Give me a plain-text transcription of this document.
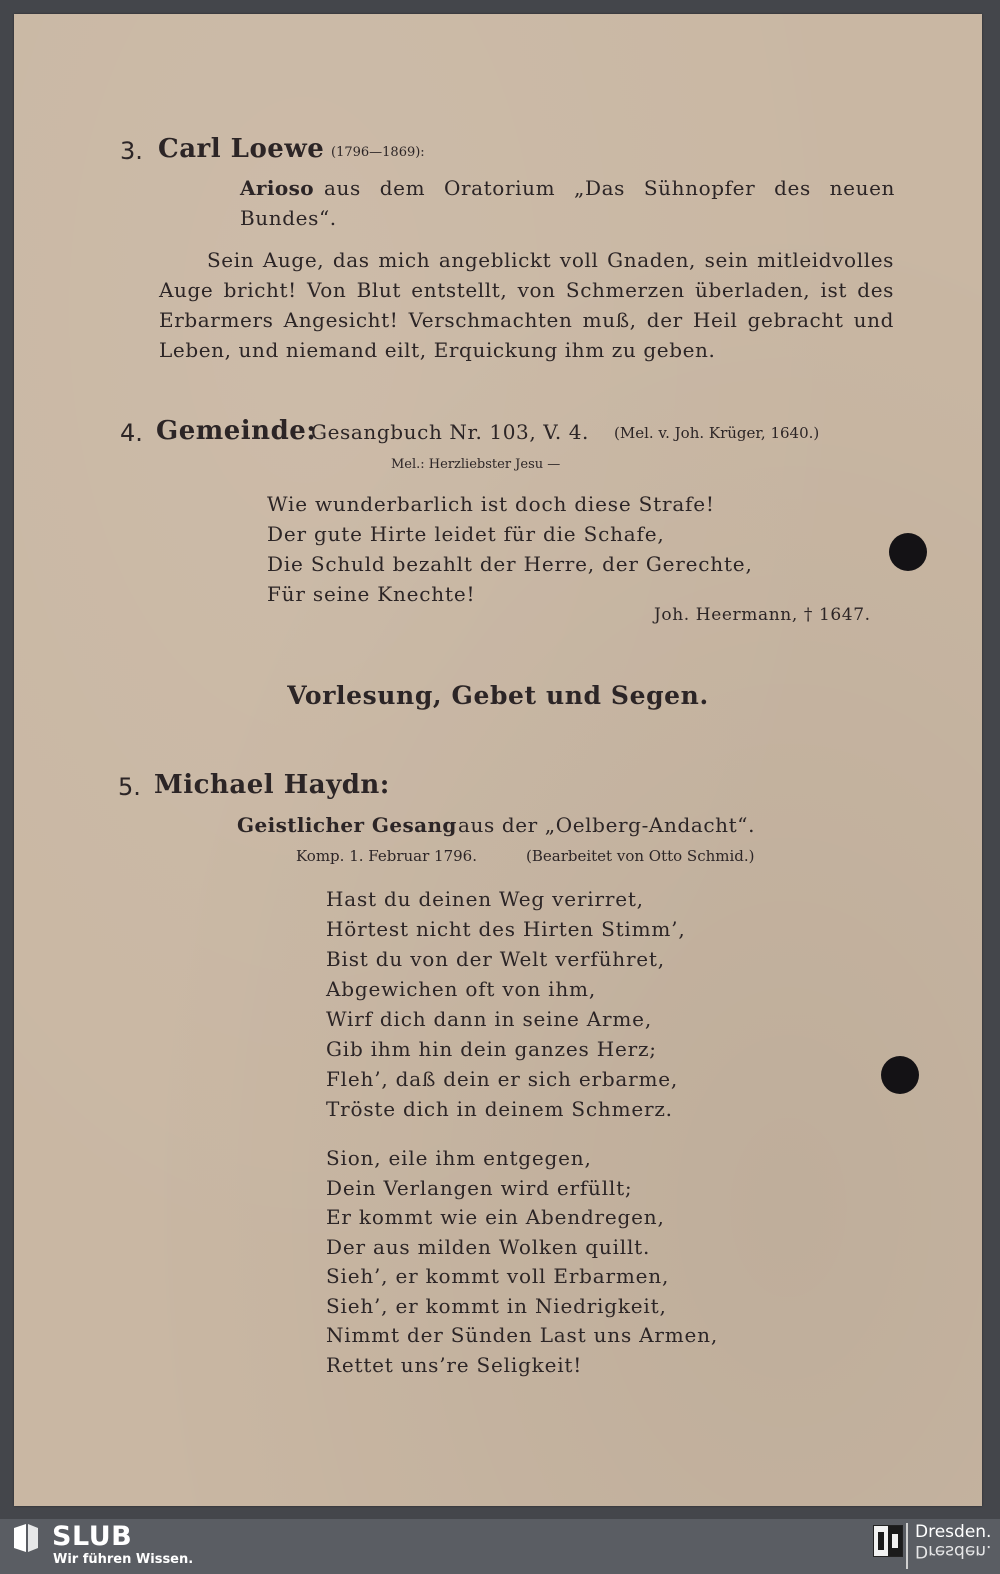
3. Carl Loewe (1796—1869):
Arioso aus dem Oratorium „Das Sühnopfer des neuen
Bundes“.

Sein Auge, das mich angeblickt voll Gnaden, sein mitleidvolles Auge bricht! Von Blut entstellt, von Schmerzen überladen, ist des Erbarmers Angesicht! Verschmachten muß, der Heil gebracht und Leben, und niemand eilt, Erquickung ihm zu geben.

4. Gemeinde:
Gesangbuch Nr. 103, V. 4. (Mel. v. Joh. Krüger, 1640.)
Mel.: Herzliebster Jesu —
Wie wunderbarlich ist doch diese Strafe!
Der gute Hirte leidet für die Schafe,
Die Schuld bezahlt der Herre, der Gerechte,
Für seine Knechte!
Joh. Heermann, † 1647.
Vorlesung, Gebet und Segen.
5. Michael Haydn:
Geistlicher Gesang aus der „Oelberg-Andacht“.
Komp. 1. Februar 1796.	(Bearbeitet von Otto Schmid.)
Hast du deinen Weg verirret,
Hörtest nicht des Hirten Stimm’,
Bist du von der Welt verführet,
Abgewichen oft von ihm,
Wirf dich dann in seine Arme,
Gib ihm hin dein ganzes Herz;
Fleh’, daß dein er sich erbarme,
Tröste dich in deinem Schmerz.
Sion, eile ihm entgegen,
Dein Verlangen wird erfüllt;
Er kommt wie ein Abendregen,
Der aus milden Wolken quillt.
Sieh’, er kommt voll Erbarmen,
Sieh’, er kommt in Niedrigkeit,
Nimmt der Sünden Last uns Armen,
Rettet uns’re Seligkeit!
SLUB
Wir führen Wissen.
Dresden.
Dresden.
